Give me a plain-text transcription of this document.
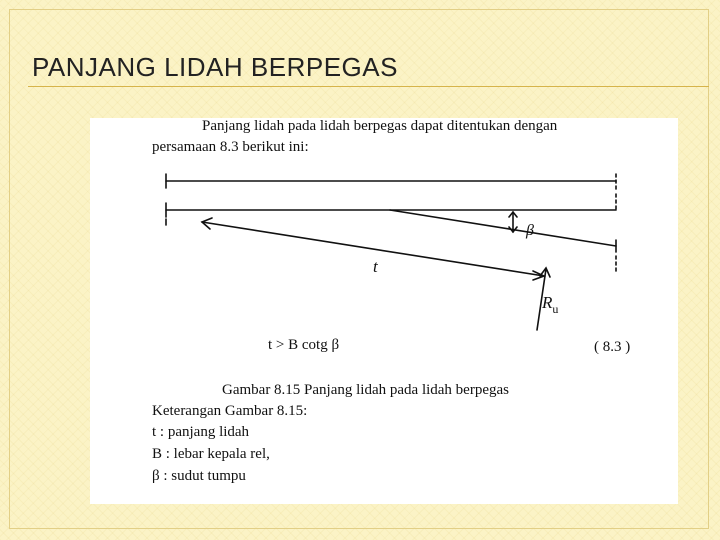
PANJANG LIDAH BERPEGAS
Panjang lidah pada lidah berpegas dapat ditentukan dengan
persamaan 8.3 berikut ini:
β
t
$R_u$
t > B cotg β	( 8.3 )
Gambar 8.15 Panjang lidah pada lidah berpegas
Keterangan Gambar 8.15:
t : panjang lidah
B : lebar kepala rel,
β : sudut tumpu
